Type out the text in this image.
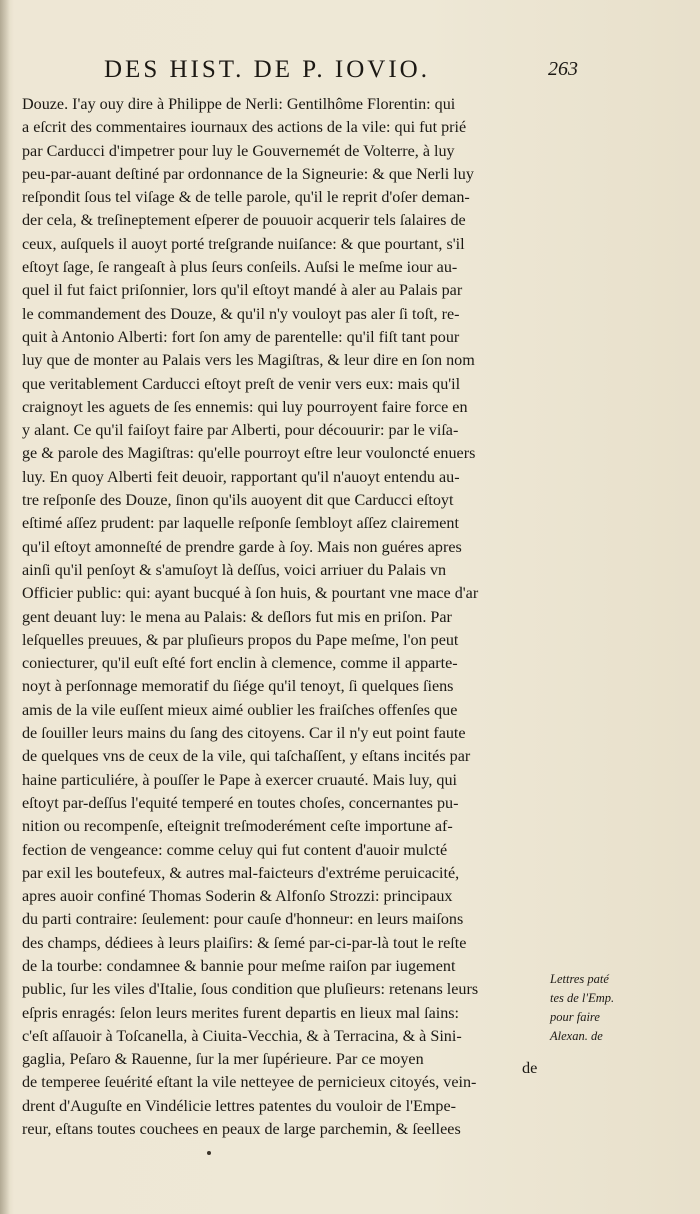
DES HIST. DE P. IOVIO.	263
Douze. I'ay ouy dire à Philippe de Nerli: Gentilhôme Florentin: qui
a eſcrit des commentaires iournaux des actions de la vile: qui fut prié
par Carducci d'impetrer pour luy le Gouvernemét de Volterre, à luy
peu-par-auant deſtiné par ordonnance de la Signeurie: & que Nerli luy
reſpondit ſous tel viſage & de telle parole, qu'il le reprit d'oſer deman-
der cela, & treſineptement eſperer de pouuoir acquerir tels ſalaires de
ceux, auſquels il auoyt porté treſgrande nuiſance: & que pourtant, s'il
eſtoyt ſage, ſe rangeaſt à plus ſeurs conſeils. Auſsi le meſme iour au-
quel il fut faict priſonnier, lors qu'il eſtoyt mandé à aler au Palais par
le commandement des Douze, & qu'il n'y vouloyt pas aler ſi toſt, re-
quit à Antonio Alberti: fort ſon amy de parentelle: qu'il fiſt tant pour
luy que de monter au Palais vers les Magiſtras, & leur dire en ſon nom
que veritablement Carducci eſtoyt preſt de venir vers eux: mais qu'il
craignoyt les aguets de ſes ennemis: qui luy pourroyent faire force en
y alant. Ce qu'il faiſoyt faire par Alberti, pour découurir: par le viſa-
ge & parole des Magiſtras: qu'elle pourroyt eſtre leur vouloncté enuers
luy. En quoy Alberti feit deuoir, rapportant qu'il n'auoyt entendu au-
tre reſponſe des Douze, ſinon qu'ils auoyent dit que Carducci eſtoyt
eſtimé aſſez prudent: par laquelle reſponſe ſembloyt aſſez clairement
qu'il eſtoyt amonneſté de prendre garde à ſoy. Mais non guéres apres
ainſi qu'il penſoyt & s'amuſoyt là deſſus, voici arriuer du Palais vn
Officier public: qui: ayant bucqué à ſon huis, & pourtant vne mace d'ar
gent deuant luy: le mena au Palais: & deſlors fut mis en priſon. Par
leſquelles preuues, & par pluſieurs propos du Pape meſme, l'on peut
coniecturer, qu'il euſt eſté fort enclin à clemence, comme il apparte-
noyt à perſonnage memoratif du ſiége qu'il tenoyt, ſi quelques ſiens
amis de la vile euſſent mieux aimé oublier les fraiſches offenſes que
de ſouiller leurs mains du ſang des citoyens. Car il n'y eut point faute
de quelques vns de ceux de la vile, qui taſchaſſent, y eſtans incités par
haine particuliére, à pouſſer le Pape à exercer cruauté. Mais luy, qui
eſtoyt par-deſſus l'equité temperé en toutes choſes, concernantes pu-
nition ou recompenſe, eſteignit treſmoderément ceſte importune af-
fection de vengeance: comme celuy qui fut content d'auoir mulcté
par exil les boutefeux, & autres mal-faicteurs d'extréme peruicacité,
apres auoir confiné Thomas Soderin & Alfonſo Strozzi: principaux
du parti contraire: ſeulement: pour cauſe d'honneur: en leurs maiſons
des champs, dédiees à leurs plaiſirs: & ſemé par-ci-par-là tout le reſte
de la tourbe: condamnee & bannie pour meſme raiſon par iugement
public, ſur les viles d'Italie, ſous condition que pluſieurs: retenans leurs
eſpris enragés: ſelon leurs merites furent departis en lieux mal ſains:
c'eſt aſſauoir à Toſcanella, à Ciuita-Vecchia, & à Terracina, & à Sini-
gaglia, Peſaro & Rauenne, ſur la mer ſupérieure. Par ce moyen
de temperee ſeuérité eſtant la vile netteyee de pernicieux citoyés, vein-
drent d'Auguſte en Vindélicie lettres patentes du vouloir de l'Empe-
reur, eſtans toutes couchees en peaux de large parchemin, & ſeellees
de
Lettres paté
tes de l'Emp.
pour faire
Alexan. de
